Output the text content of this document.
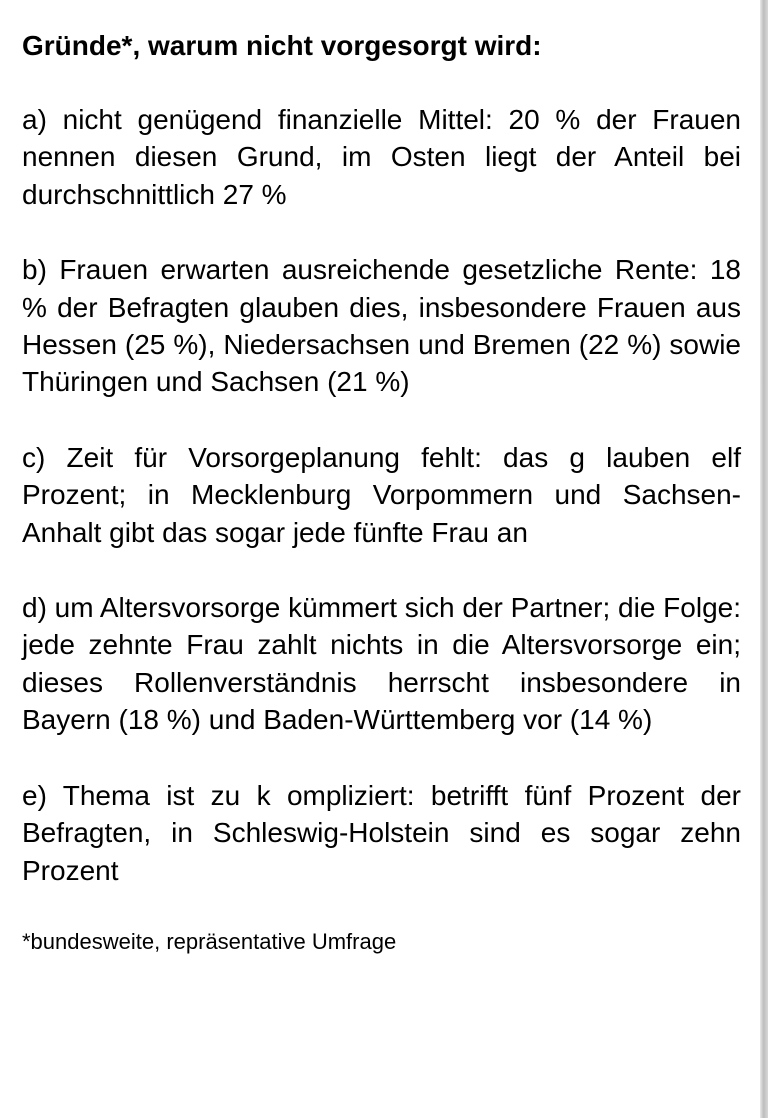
Gründe*, warum nicht vorgesorgt wird:

a) nicht genügend finanzielle Mittel: 20 % der Frauen nennen diesen Grund, im Osten liegt der Anteil bei durchschnittlich 27 %

b) Frauen erwarten ausreichende gesetzliche Rente: 18 % der Befragten glauben dies, insbesondere Frauen aus Hessen (25 %), Niedersachsen und Bremen (22 %) sowie Thüringen und Sachsen (21 %)

c) Zeit für Vorsorgeplanung fehlt: das g lauben elf Prozent; in Mecklenburg Vorpommern und Sachsen-Anhalt gibt das sogar jede fünfte Frau an

d) um Altersvorsorge kümmert sich der Partner; die Folge: jede zehnte Frau zahlt nichts in die Altersvorsorge ein; dieses Rollenverständnis herrscht insbesondere in Bayern (18 %) und Baden-Württemberg vor (14 %)

e) Thema ist zu k ompliziert: betrifft fünf Prozent der Befragten, in Schleswig-Holstein sind es sogar zehn Prozent

*bundesweite, repräsentative Umfrage
